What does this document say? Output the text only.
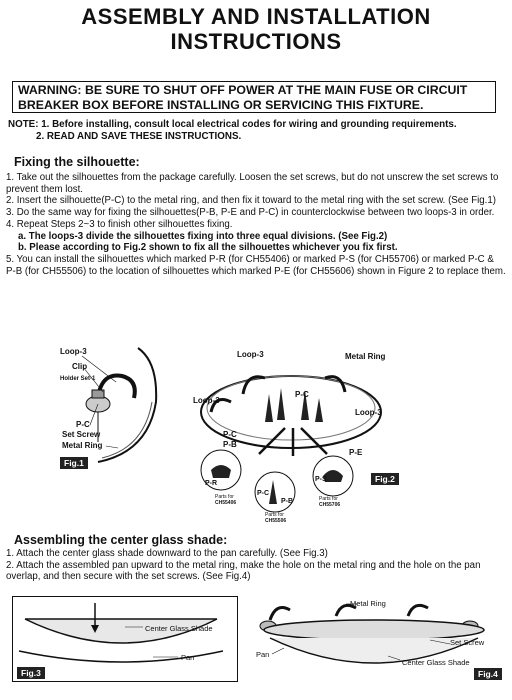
ASSEMBLY AND INSTALLATION
INSTRUCTIONS
WARNING: BE SURE TO SHUT OFF POWER AT THE MAIN FUSE OR CIRCUIT BREAKER BOX BEFORE INSTALLING OR SERVICING THIS FIXTURE.
NOTE: 1. Before installing, consult local electrical codes for wiring and grounding requirements.
2. READ AND SAVE THESE INSTRUCTIONS.
Fixing the silhouette:

1. Take out the silhouettes from the package carefully. Loosen the set screws, but do not unscrew the set screws to prevent them lost.

2. Insert the silhouette(P-C) to the metal ring, and then fix it toward to the metal ring with the set screw. (See Fig.1)

3. Do the same way for fixing the silhouettes(P-B, P-E and P-C) in counterclockwise between two loops-3 in order.

4. Repeat Steps 2~3 to finish other silhouettes fixing.

a. The loops-3 divide the silhouettes fixing into three equal divisions. (See Fig.2)

b. Please according to Fig.2 shown to fix all the silhouettes whichever you fix first.

5. You can install the silhouettes which marked P-R (for CH55406) or marked P-S (for CH55706) or marked P-C & P-B (for CH55506) to the location of silhouettes which marked P-E (for CH55606) shown in Figure 2 to replace them.

Loop-3
Clip
Holder Set-1
P-C
Set Screw
Metal Ring
Fig.1
Loop-3	Metal Ring
Loop-3
Loop-3
P-C
P-C
P-B
P-E
P-R
P-C
P-B
P-S
Parts for
CH55406
Parts for
CH55506
Parts for
CH55706
Fig.2
Assembling the center glass shade:

1. Attach the center glass shade downward to the pan carefully. (See Fig.3)

2. Attach the assembled pan upward to the metal ring, make the hole on the metal ring and the hole on the pan overlap, and then secure with the set screws. (See Fig.4)

Center Glass Shade
Pan
Fig.3
Metal Ring
Set Screw
Pan
Center Glass Shade
Fig.4
